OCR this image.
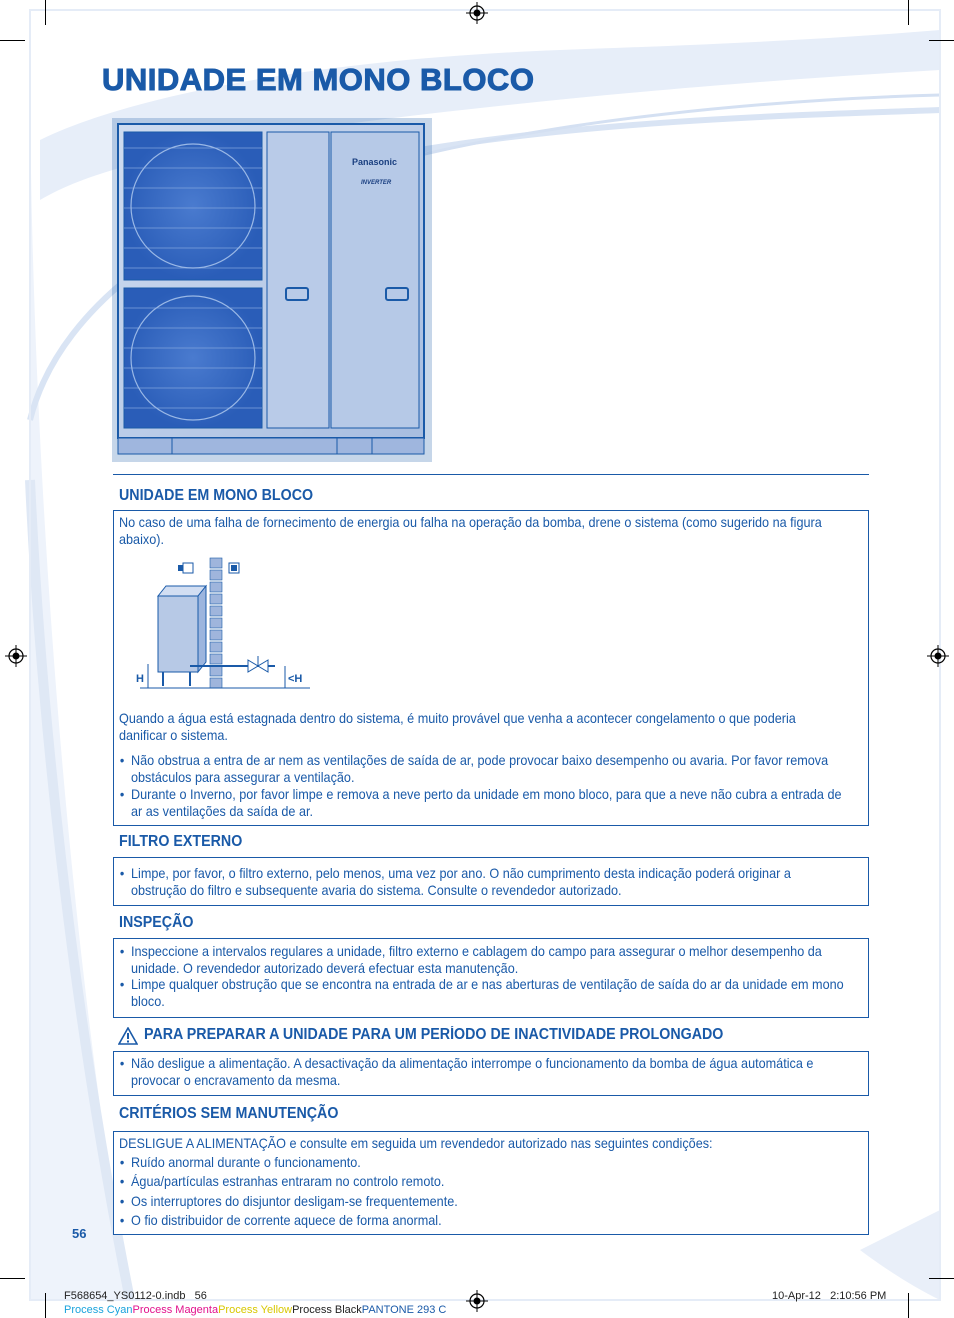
UNIDADE EM MONO BLOCO
Panasonic
INVERTER
UNIDADE EM MONO BLOCO
No caso de uma falha de fornecimento de energia ou falha na operação da bomba, drene o sistema (como sugerido na figura abaixo).
H	<H
Quando a água está estagnada dentro do sistema, é muito provável que venha a acontecer congelamento o que poderia danificar o sistema.
• Não obstrua a entra de ar nem as ventilações de saída de ar, pode provocar baixo desempenho ou avaria. Por favor remova obstáculos para assegurar a ventilação.
• Durante o Inverno, por favor limpe e remova a neve perto da unidade em mono bloco, para que a neve não cubra a entrada de ar as ventilações da saída de ar.
FILTRO EXTERNO
• Limpe, por favor, o filtro externo, pelo menos, uma vez por ano. O não cumprimento desta indicação poderá originar a obstrução do filtro e subsequente avaria do sistema. Consulte o revendedor autorizado.
INSPEÇÃO
• Inspeccione a intervalos regulares a unidade, filtro externo e cablagem do campo para assegurar o melhor desempenho da unidade. O revendedor autorizado deverá efectuar esta manutenção.
• Limpe qualquer obstrução que se encontra na entrada de ar e nas aberturas de ventilação de saída do ar da unidade em mono bloco.
PARA PREPARAR A UNIDADE PARA UM PERÍODO DE INACTIVIDADE PROLONGADO
• Não desligue a alimentação. A desactivação da alimentação interrompe o funcionamento da bomba de água automática e provocar o encravamento da mesma.
CRITÉRIOS SEM MANUTENÇÃO
DESLIGUE A ALIMENTAÇÃO e consulte em seguida um revendedor autorizado nas seguintes condições:
• Ruído anormal durante o funcionamento.
• Água/partículas estranhas entraram no controlo remoto.
• Os interruptores do disjuntor desligam-se frequentemente.
• O fio distribuidor de corrente aquece de forma anormal.
56
F568654_YS0112-0.indb   56	10-Apr-12   2:10:56 PM
Process CyanProcess MagentaProcess YellowProcess BlackPANTONE 293 C
